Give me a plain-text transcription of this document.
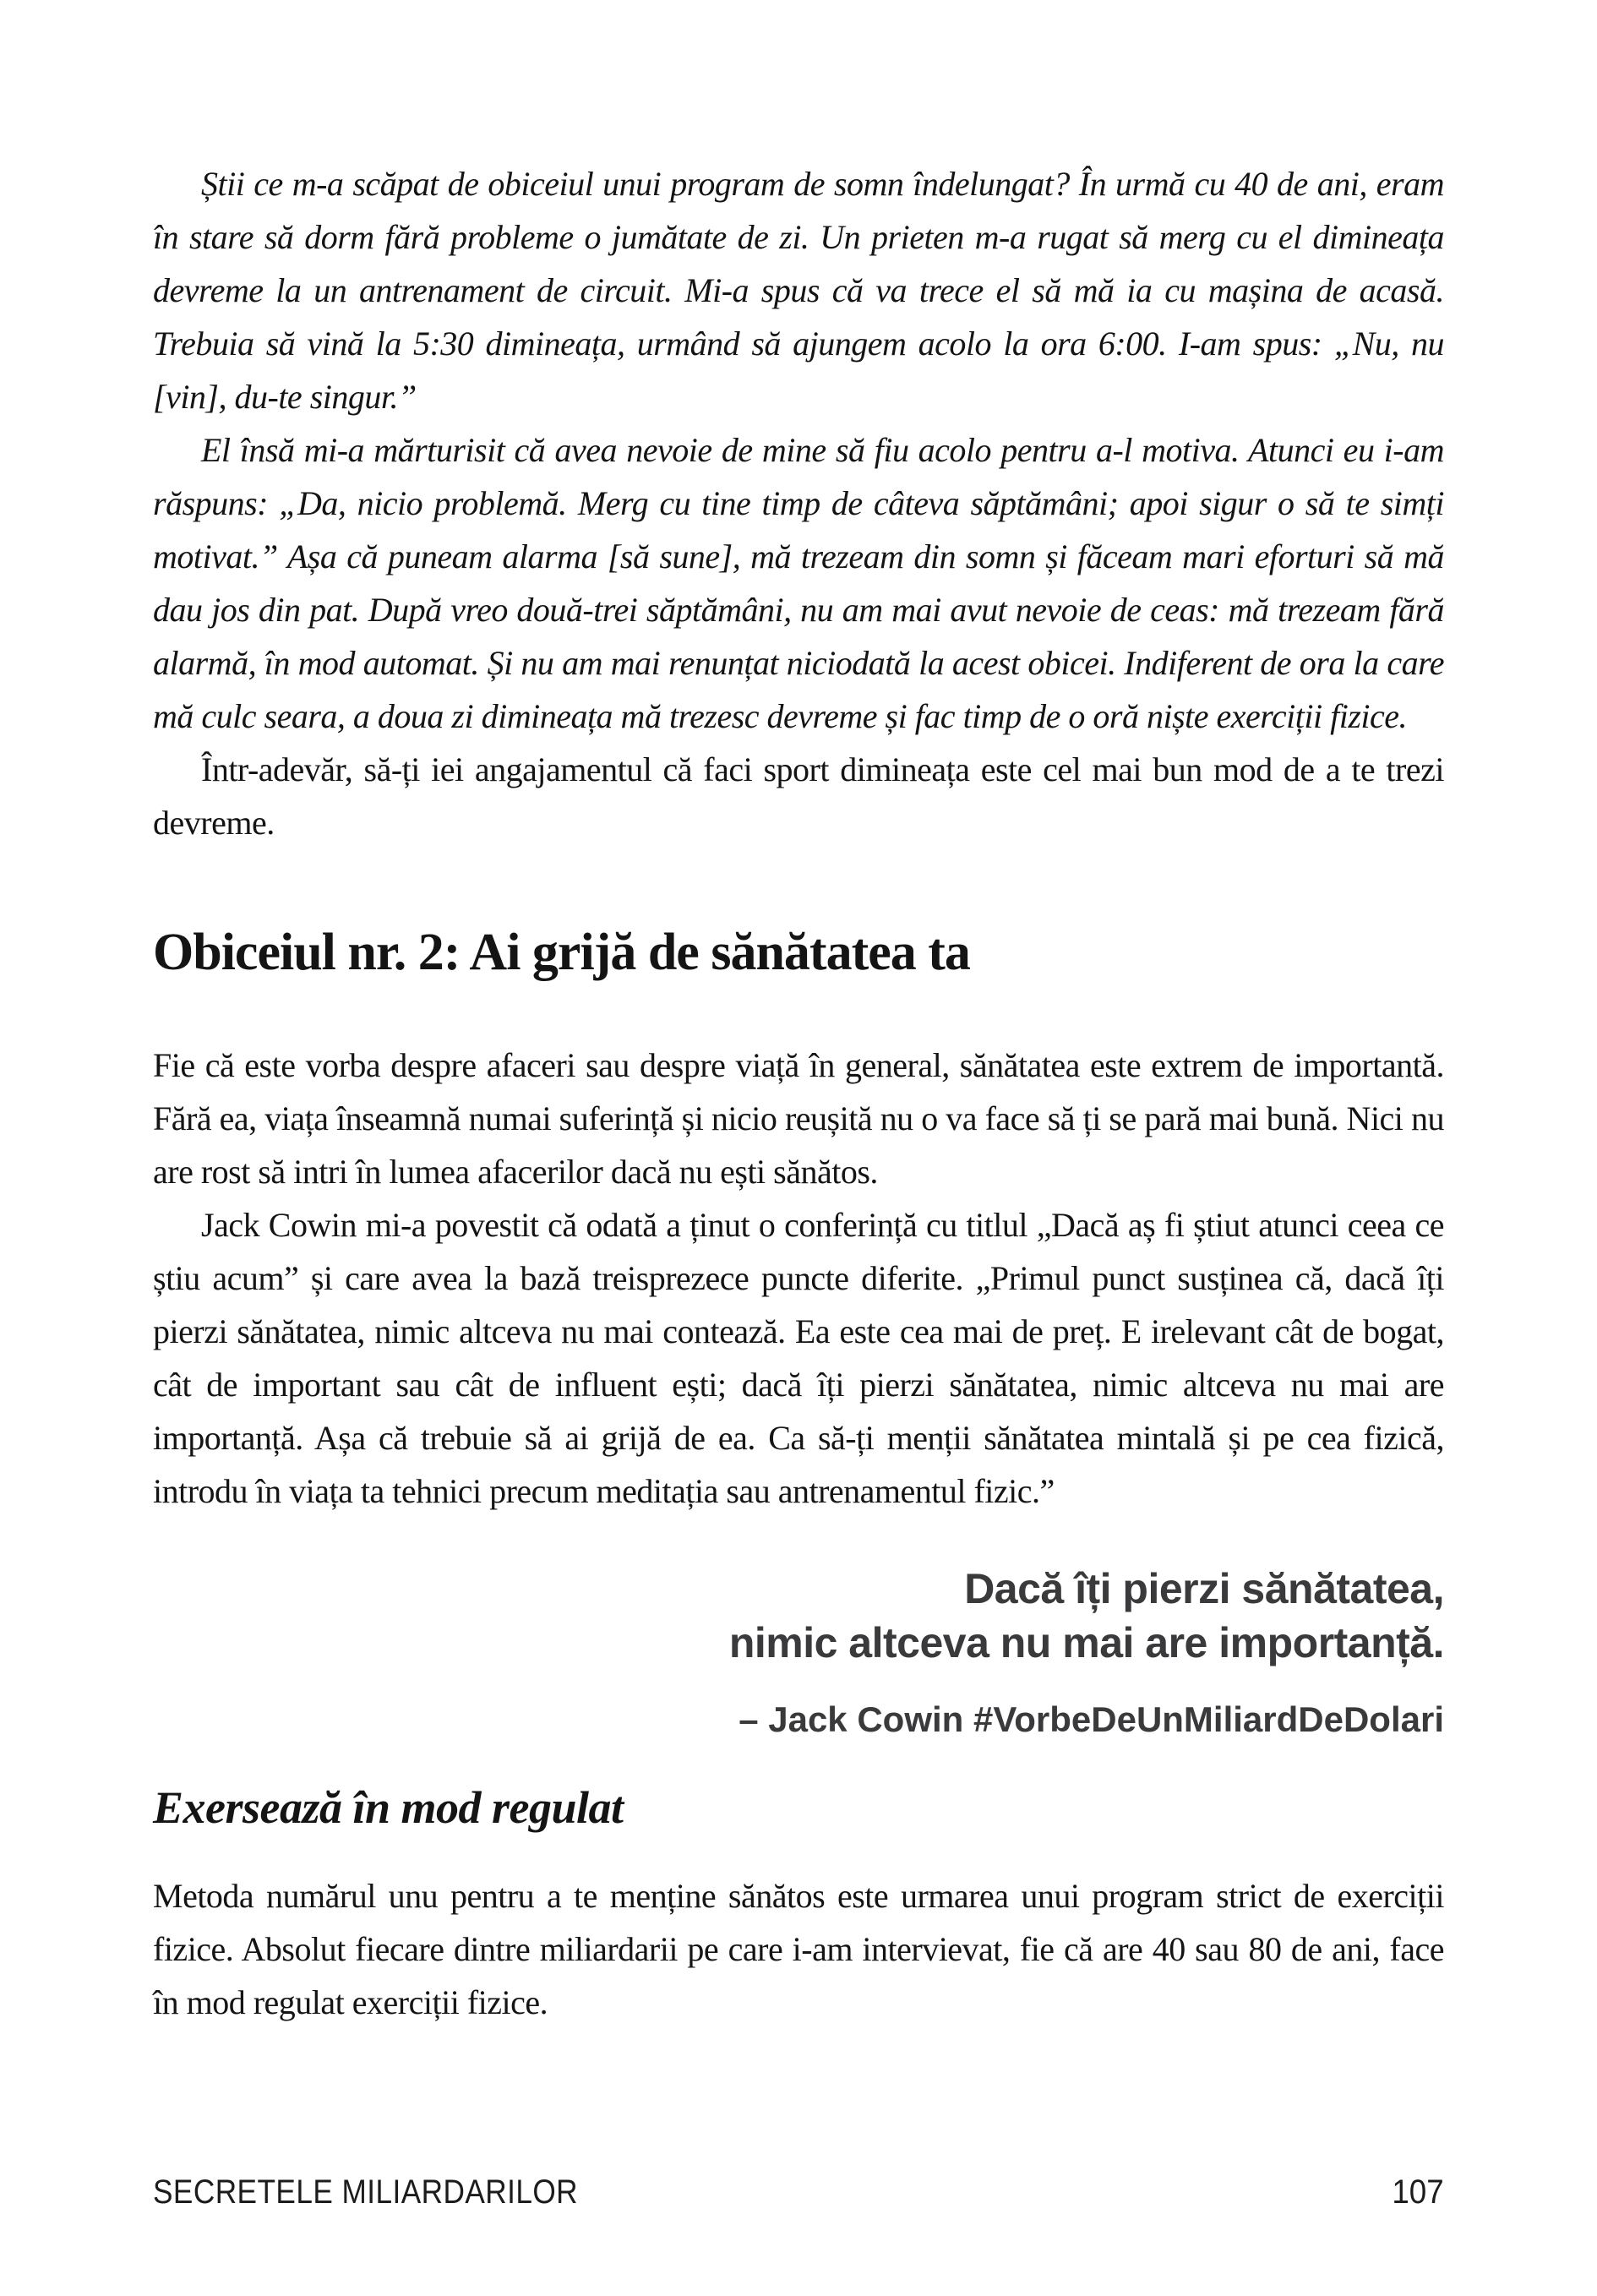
Știi ce m-a scăpat de obiceiul unui program de somn îndelungat? În urmă cu 40 de ani, eram în stare să dorm fără probleme o jumătate de zi. Un prieten m-a rugat să merg cu el dimineața devreme la un antrenament de circuit. Mi-a spus că va trece el să mă ia cu mașina de acasă. Trebuia să vină la 5:30 dimineața, urmând să ajungem acolo la ora 6:00. I-am spus: „Nu, nu [vin], du-te singur.”

El însă mi-a mărturisit că avea nevoie de mine să fiu acolo pentru a-l motiva. Atunci eu i-am răspuns: „Da, nicio problemă. Merg cu tine timp de câteva săptămâni; apoi sigur o să te simți motivat.” Așa că puneam alarma [să sune], mă trezeam din somn și făceam mari eforturi să mă dau jos din pat. După vreo două-trei săptămâni, nu am mai avut nevoie de ceas: mă trezeam fără alarmă, în mod automat. Și nu am mai renunțat niciodată la acest obicei. Indiferent de ora la care mă culc seara, a doua zi dimineața mă trezesc devreme și fac timp de o oră niște exerciții fizice.

Într-adevăr, să-ți iei angajamentul că faci sport dimineața este cel mai bun mod de a te trezi devreme.

Obiceiul nr. 2: Ai grijă de sănătatea ta

Fie că este vorba despre afaceri sau despre viață în general, sănătatea este extrem de importantă. Fără ea, viața înseamnă numai suferință și nicio reușită nu o va face să ți se pară mai bună. Nici nu are rost să intri în lumea afacerilor dacă nu ești sănătos.

Jack Cowin mi-a povestit că odată a ținut o conferință cu titlul „Dacă aș fi știut atunci ceea ce știu acum” și care avea la bază treisprezece puncte diferite. „Primul punct susținea că, dacă îți pierzi sănătatea, nimic altceva nu mai contează. Ea este cea mai de preț. E irelevant cât de bogat, cât de important sau cât de influent ești; dacă îți pierzi sănătatea, nimic altceva nu mai are importanță. Așa că trebuie să ai grijă de ea. Ca să-ți menții sănătatea mintală și pe cea fizică, introdu în viața ta tehnici precum meditația sau antrenamentul fizic.”

Dacă îți pierzi sănătatea,
nimic altceva nu mai are importanță.
– Jack Cowin #VorbeDeUnMiliardDeDolari
Exersează în mod regulat

Metoda numărul unu pentru a te menține sănătos este urmarea unui program strict de exerciții fizice. Absolut fiecare dintre miliardarii pe care i-am intervievat, fie că are 40 sau 80 de ani, face în mod regulat exerciții fizice.

SECRETELE MILIARDARILOR	107
